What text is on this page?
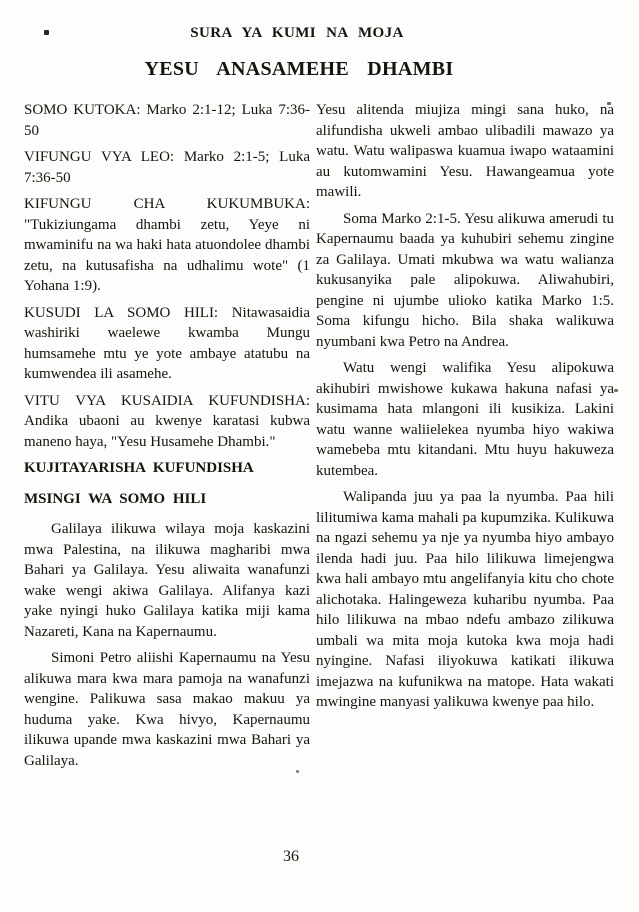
SURA YA KUMI NA MOJA
YESU ANASAMEHE DHAMBI

SOMO KUTOKA: Marko 2:1-12; Luka 7:36-50

VIFUNGU VYA LEO: Marko 2:1-5; Luka 7:36-50

KIFUNGU CHA KUKUMBUKA: "Tukiziungama dhambi zetu, Yeye ni mwaminifu na wa haki hata atuondolee dhambi zetu, na kutusafisha na udhalimu wote" (1 Yohana 1:9).

KUSUDI LA SOMO HILI: Nitawasaidia washiriki waelewe kwamba Mungu humsamehe mtu ye yote ambaye atatubu na kumwendea ili asamehe.

VITU VYA KUSAIDIA KUFUNDISHA: Andika ubaoni au kwenye karatasi kubwa maneno haya, "Yesu Husamehe Dhambi."

KUJITAYARISHA KUFUNDISHA

MSINGI WA SOMO HILI

Galilaya ilikuwa wilaya moja kaskazini mwa Palestina, na ilikuwa magharibi mwa Bahari ya Galilaya. Yesu aliwaita wanafunzi wake wengi akiwa Galilaya. Alifanya kazi yake nyingi huko Galilaya katika miji kama Nazareti, Kana na Kapernaumu.

Simoni Petro aliishi Kapernaumu na Yesu alikuwa mara kwa mara pamoja na wanafunzi wengine. Palikuwa sasa makao makuu ya huduma yake. Kwa hivyo, Kapernaumu ilikuwa upande mwa kaskazini mwa Bahari ya Galilaya.

Yesu alitenda miujiza mingi sana huko, na alifundisha ukweli ambao ulibadili mawazo ya watu. Watu walipaswa kuamua iwapo wataamini au kutomwamini Yesu. Hawangeamua yote mawili.

Soma Marko 2:1-5. Yesu alikuwa amerudi tu Kapernaumu baada ya kuhubiri sehemu zingine za Galilaya. Umati mkubwa wa watu walianza kukusanyika pale alipokuwa. Aliwahubiri, pengine ni ujumbe ulioko katika Marko 1:5. Soma kifungu hicho. Bila shaka walikuwa nyumbani kwa Petro na Andrea.

Watu wengi walifika Yesu alipokuwa akihubiri mwishowe kukawa hakuna nafasi ya kusimama hata mlangoni ili kusikiza. Lakini watu wanne waliielekea nyumba hiyo wakiwa wamebeba mtu kitandani. Mtu huyu hakuweza kutembea.

Walipanda juu ya paa la nyumba. Paa hili lilitumiwa kama mahali pa kupumzika. Kulikuwa na ngazi sehemu ya nje ya nyumba hiyo ambayo ilenda hadi juu. Paa hilo lilikuwa limejengwa kwa hali ambayo mtu angelifanyia kitu cho chote alichotaka. Halingeweza kuharibu nyumba. Paa hilo lilikuwa na mbao ndefu ambazo zilikuwa umbali wa mita moja kutoka kwa moja hadi nyingine. Nafasi iliyokuwa katikati ilikuwa imejazwa na kufunikwa na matope. Hata wakati mwingine manyasi yalikuwa kwenye paa hilo.

36
